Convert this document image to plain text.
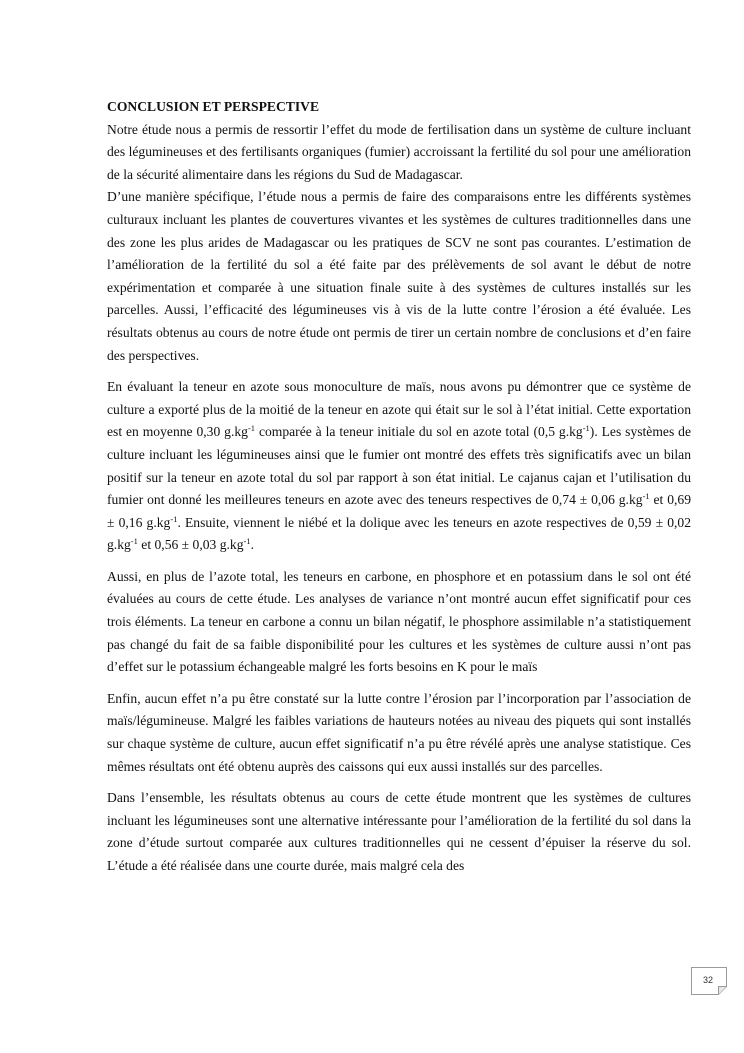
CONCLUSION ET PERSPECTIVE

Notre étude nous a permis de ressortir l’effet du mode de fertilisation dans un système de culture incluant des légumineuses et des fertilisants organiques (fumier) accroissant la fertilité du sol pour une amélioration de la sécurité alimentaire dans les régions du Sud de Madagascar.

D’une manière spécifique, l’étude nous a permis de faire des comparaisons entre les différents systèmes culturaux incluant les plantes de couvertures vivantes et les systèmes de cultures traditionnelles dans une des zone les plus arides de Madagascar ou les pratiques de SCV ne sont pas courantes. L’estimation de l’amélioration de la fertilité du sol a été faite par des prélèvements de sol avant le début de notre expérimentation et comparée à une situation finale suite à des systèmes de cultures installés sur les parcelles. Aussi, l’efficacité des légumineuses vis à vis de la lutte contre l’érosion a été évaluée. Les résultats obtenus au cours de notre étude ont permis de tirer un certain nombre de conclusions et d’en faire des perspectives.

En évaluant la teneur en azote sous monoculture de maïs, nous avons pu démontrer que ce système de culture a exporté plus de la moitié de la teneur en azote qui était sur le sol à l’état initial. Cette exportation est en moyenne 0,30 $g.kg^{-1}$ comparée à la teneur initiale du sol en azote total (0,5 $g.kg^{-1}$). Les systèmes de culture incluant les légumineuses ainsi que le fumier ont montré des effets très significatifs avec un bilan positif sur la teneur en azote total du sol par rapport à son état initial. Le cajanus cajan et l’utilisation du fumier ont donné les meilleures teneurs en azote avec des teneurs respectives de 0,74 ± 0,06 $g.kg^{-1}$ et 0,69 ± 0,16 $g.kg^{-1}$. Ensuite, viennent le niébé et la dolique avec les teneurs en azote respectives de 0,59 ± 0,02 $g.kg^{-1}$ et 0,56 ± 0,03 $g.kg^{-1}$.

Aussi, en plus de l’azote total, les teneurs en carbone, en phosphore et en potassium dans le sol ont été évaluées au cours de cette étude. Les analyses de variance n’ont montré aucun effet significatif pour ces trois éléments. La teneur en carbone a connu un bilan négatif, le phosphore assimilable n’a statistiquement pas changé du fait de sa faible disponibilité pour les cultures et les systèmes de culture aussi n’ont pas d’effet sur le potassium échangeable malgré les forts besoins en K pour le maïs

Enfin, aucun effet n’a pu être constaté sur la lutte contre l’érosion par l’incorporation par l’association de maïs/légumineuse. Malgré les faibles variations de hauteurs notées au niveau des piquets qui sont installés sur chaque système de culture, aucun effet significatif n’a pu être révélé après une analyse statistique. Ces mêmes résultats ont été obtenu auprès des caissons qui eux aussi installés sur des parcelles.

Dans l’ensemble, les résultats obtenus au cours de cette étude montrent que les systèmes de cultures incluant les légumineuses sont une alternative intéressante pour l’amélioration de la fertilité du sol dans la zone d’étude surtout comparée aux cultures traditionnelles qui ne cessent d’épuiser la réserve du sol. L’étude a été réalisée dans une courte durée, mais malgré cela des

32
